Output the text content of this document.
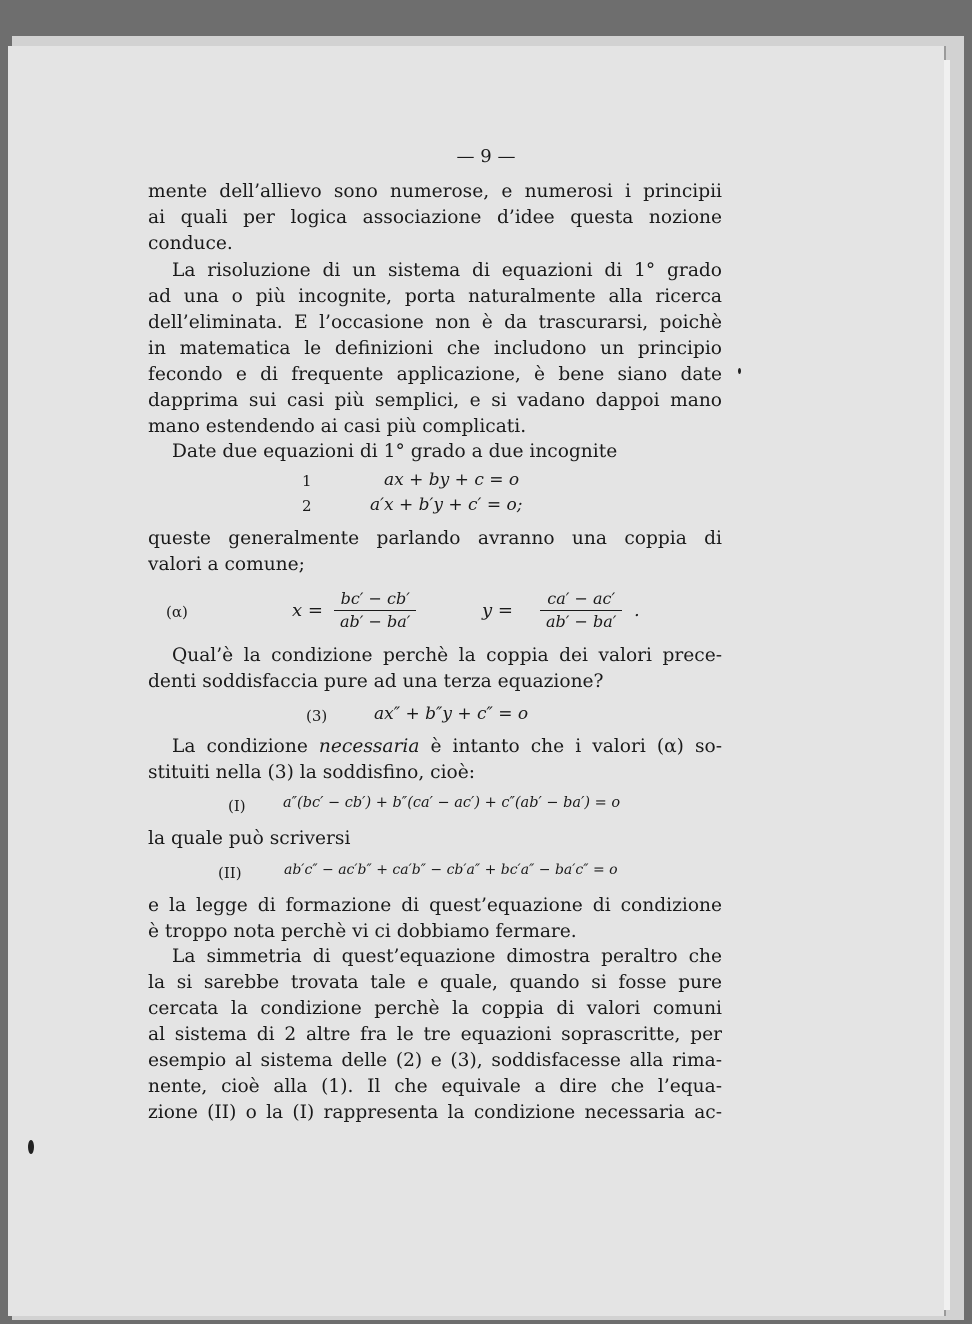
— 9 —
mente dell’allievo sono numerose, e numerosi i principii
ai quali per logica associazione d’idee questa nozione
conduce.
La risoluzione di un sistema di equazioni di 1° grado
ad una o più incognite, porta naturalmente alla ricerca
dell’eliminata. E l’occasione non è da trascurarsi, poichè
in matematica le definizioni che includono un principio
fecondo e di frequente applicazione, è bene siano date
dapprima sui casi più semplici, e si vadano dappoi mano
mano estendendo ai casi più complicati.
Date due equazioni di 1° grado a due incognite
1	ax + by + c = o
2	a′x + b′y + c′ = o;
queste generalmente parlando avranno una coppia di
valori a comune;
(α)	$x = \frac{bc' - cb'}{ab' - ba'}$	$y = \frac{ca' - ac'}{ab' - ba'}$ .
Qual’è la condizione perchè la coppia dei valori prece-
denti soddisfaccia pure ad una terza equazione?
(3)	ax″ + b″y + c″ = o
La condizione necessaria è intanto che i valori (α) so-
stituiti nella (3) la soddisfino, cioè:
(I)	a″(bc′ − cb′) + b″(ca′ − ac′) + c″(ab′ − ba′) = o
la quale può scriversi
(II)	ab′c″ − ac′b″ + ca′b″ − cb′a″ + bc′a″ − ba′c″ = o
e la legge di formazione di quest’equazione di condizione
è troppo nota perchè vi ci dobbiamo fermare.
La simmetria di quest’equazione dimostra peraltro che
la si sarebbe trovata tale e quale, quando si fosse pure
cercata la condizione perchè la coppia di valori comuni
al sistema di 2 altre fra le tre equazioni soprascritte, per
esempio al sistema delle (2) e (3), soddisfacesse alla rima-
nente, cioè alla (1). Il che equivale a dire che l’equa-
zione (II) o la (I) rappresenta la condizione necessaria ac-
